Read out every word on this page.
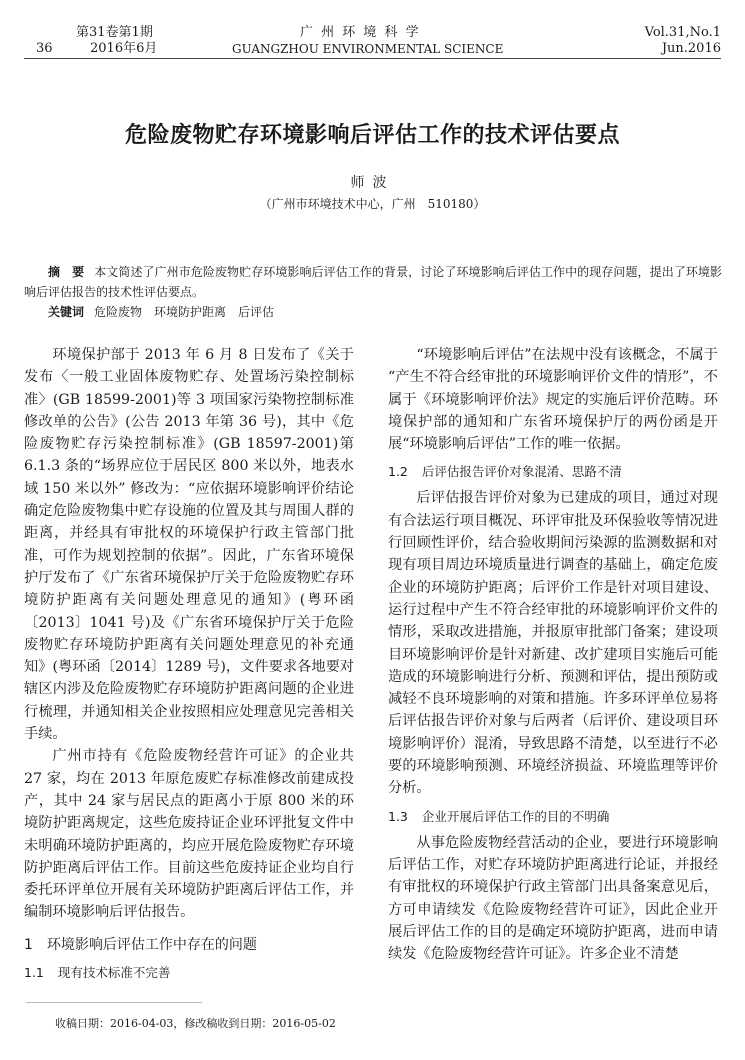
第31卷第1期
36	2016年6月
广 州 环 境 科 学
GUANGZHOU ENVIRONMENTAL SCIENCE
Vol.31,No.1
Jun.2016
危险废物贮存环境影响后评估工作的技术评估要点
师波
（广州市环境技术中心，广州　510180）
摘　要 本文简述了广州市危险废物贮存环境影响后评估工作的背景，讨论了环境影响后评估工作中的现存问题，提出了环境影响后评估报告的技术性评估要点。
关键词 危险废物　环境防护距离　后评估

环境保护部于 2013 年 6 月 8 日发布了《关于发布〈一般工业固体废物贮存、处置场污染控制标准〉(GB 18599-2001)等 3 项国家污染物控制标准修改单的公告》(公告 2013 年第 36 号)，其中《危险废物贮存污染控制标准》(GB 18597-2001)第 6.1.3 条的“场界应位于居民区 800 米以外，地表水域 150 米以外” 修改为：“应依据环境影响评价结论确定危险废物集中贮存设施的位置及其与周围人群的距离，并经具有审批权的环境保护行政主管部门批准，可作为规划控制的依据”。因此，广东省环境保护厅发布了《广东省环境保护厅关于危险废物贮存环境防护距离有关问题处理意见的通知》(粤环函〔2013〕1041 号)及《广东省环境保护厅关于危险废物贮存环境防护距离有关问题处理意见的补充通知》(粤环函〔2014〕1289 号)，文件要求各地要对辖区内涉及危险废物贮存环境防护距离问题的企业进行梳理，并通知相关企业按照相应处理意见完善相关手续。

广州市持有《危险废物经营许可证》的企业共 27 家，均在 2013 年原危废贮存标准修改前建成投产，其中 24 家与居民点的距离小于原 800 米的环境防护距离规定，这些危废持证企业环评批复文件中未明确环境防护距离的，均应开展危险废物贮存环境防护距离后评估工作。目前这些危废持证企业均自行委托环评单位开展有关环境防护距离后评估工作，并编制环境影响后评估报告。

1 环境影响后评估工作中存在的问题
1.1 现有技术标准不完善

“环境影响后评估”在法规中没有该概念，不属于 “产生不符合经审批的环境影响评价文件的情形”，不属于《环境影响评价法》规定的实施后评价范畴。环境保护部的通知和广东省环境保护厅的两份函是开展“环境影响后评估”工作的唯一依据。

1.2 后评估报告评价对象混淆、思路不清

后评估报告评价对象为已建成的项目，通过对现有合法运行项目概况、环评审批及环保验收等情况进行回顾性评价，结合验收期间污染源的监测数据和对现有项目周边环境质量进行调查的基础上，确定危废企业的环境防护距离；后评价工作是针对项目建设、运行过程中产生不符合经审批的环境影响评价文件的情形，采取改进措施，并报原审批部门备案；建设项目环境影响评价是针对新建、改扩建项目实施后可能造成的环境影响进行分析、预测和评估，提出预防或减轻不良环境影响的对策和措施。许多环评单位易将后评估报告评价对象与后两者（后评价、建设项目环境影响评价）混淆，导致思路不清楚，以至进行不必要的环境影响预测、环境经济损益、环境监理等评价分析。

1.3 企业开展后评估工作的目的不明确

从事危险废物经营活动的企业，要进行环境影响后评估工作，对贮存环境防护距离进行论证，并报经有审批权的环境保护行政主管部门出具备案意见后，方可申请续发《危险废物经营许可证》，因此企业开展后评估工作的目的是确定环境防护距离，进而申请续发《危险废物经营许可证》。许多企业不清楚

收稿日期：2016-04-03，修改稿收到日期：2016-05-02
